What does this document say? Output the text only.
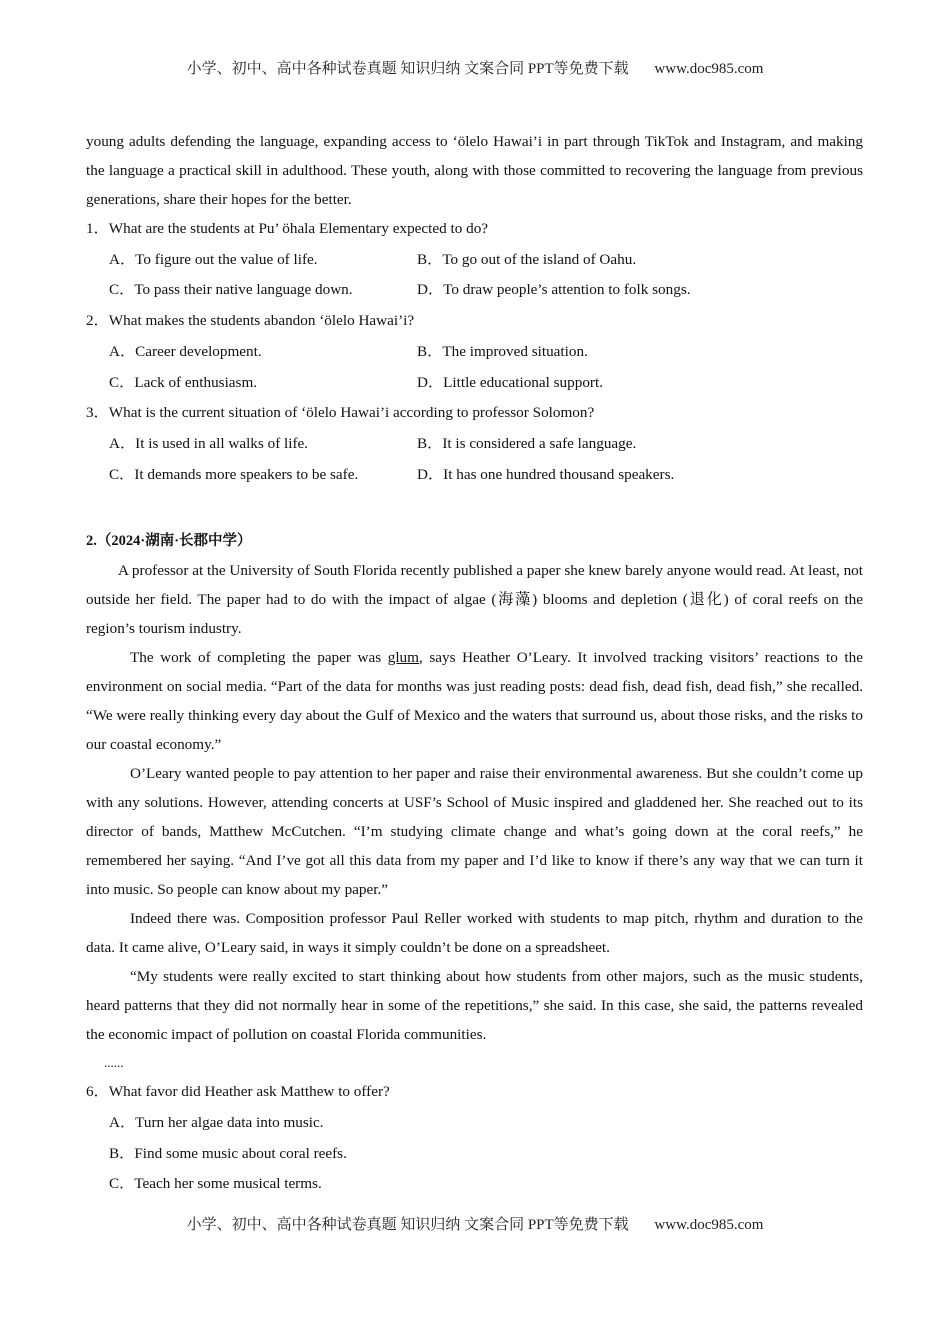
小学、初中、高中各种试卷真题 知识归纳 文案合同 PPT等免费下载 www.doc985.com

young adults defending the language, expanding access to ‘ölelo Hawai’i in part through TikTok and Instagram, and making the language a practical skill in adulthood. These youth, along with those committed to recovering the language from previous generations, share their hopes for the better.

1．What are the students at Pu’ öhala Elementary expected to do?

A．To figure out the value of life.	B．To go out of the island of Oahu.
C．To pass their native language down.	D．To draw people’s attention to folk songs.

2．What makes the students abandon ‘ölelo Hawai’i?

A．Career development.	B．The improved situation.
C．Lack of enthusiasm.	D．Little educational support.

3．What is the current situation of ‘ölelo Hawai’i according to professor Solomon?

A．It is used in all walks of life.	B．It is considered a safe language.
C．It demands more speakers to be safe.	D．It has one hundred thousand speakers.
2.（2024·湖南·长郡中学）

A professor at the University of South Florida recently published a paper she knew barely anyone would read. At least, not outside her field. The paper had to do with the impact of algae (海藻) blooms and depletion (退化) of coral reefs on the region’s tourism industry.

The work of completing the paper was glum, says Heather O’Leary. It involved tracking visitors’ reactions to the environment on social media. “Part of the data for months was just reading posts: dead fish, dead fish, dead fish,” she recalled. “We were really thinking every day about the Gulf of Mexico and the waters that surround us, about those risks, and the risks to our coastal economy.”

O’Leary wanted people to pay attention to her paper and raise their environmental awareness. But she couldn’t come up with any solutions. However, attending concerts at USF’s School of Music inspired and gladdened her. She reached out to its director of bands, Matthew McCutchen. “I’m studying climate change and what’s going down at the coral reefs,” he remembered her saying. “And I’ve got all this data from my paper and I’d like to know if there’s any way that we can turn it into music. So people can know about my paper.”

Indeed there was. Composition professor Paul Reller worked with students to map pitch, rhythm and duration to the data. It came alive, O’Leary said, in ways it simply couldn’t be done on a spreadsheet.

“My students were really excited to start thinking about how students from other majors, such as the music students, heard patterns that they did not normally hear in some of the repetitions,” she said. In this case, she said, the patterns revealed the economic impact of pollution on coastal Florida communities.

......

6．What favor did Heather ask Matthew to offer?

A．Turn her algae data into music.
B．Find some music about coral reefs.
C．Teach her some musical terms.
小学、初中、高中各种试卷真题 知识归纳 文案合同 PPT等免费下载 www.doc985.com
